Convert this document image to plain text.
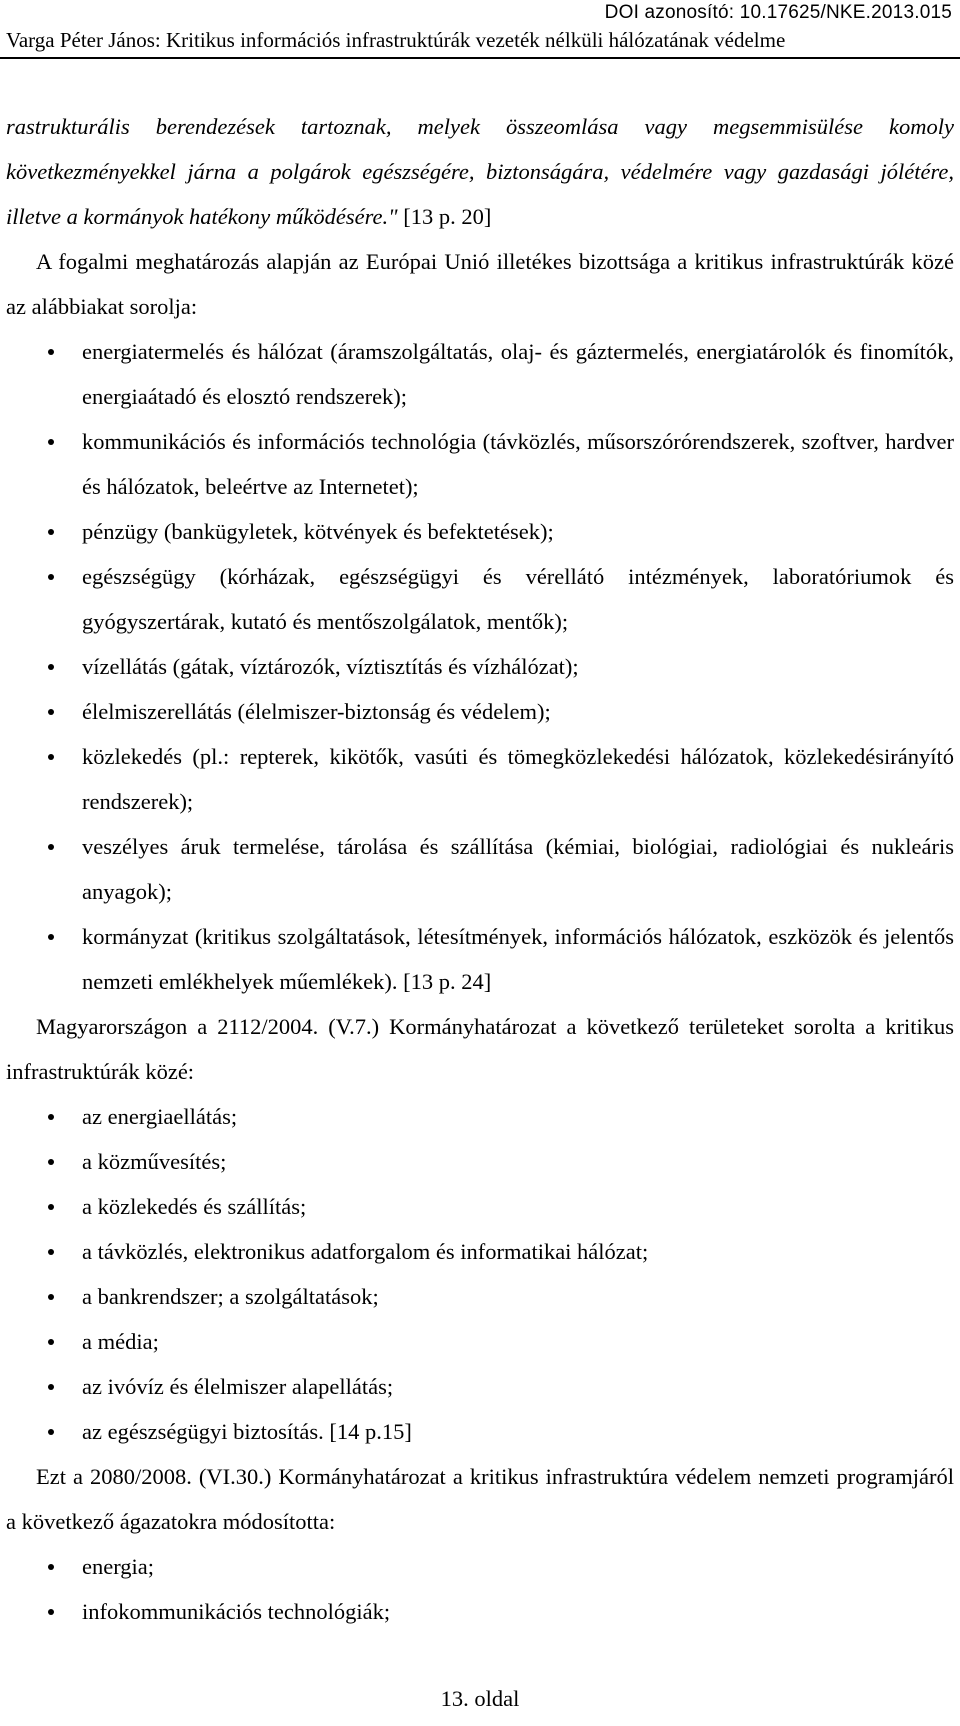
DOI azonosító: 10.17625/NKE.2013.015
Varga Péter János: Kritikus információs infrastruktúrák vezeték nélküli hálózatának védelme

rastrukturális berendezések tartoznak, melyek összeomlása vagy megsemmisülése komoly következményekkel járna a polgárok egészségére, biztonságára, védelmére vagy gazdasági jólétére, illetve a kormányok hatékony működésére." [13 p. 20]

A fogalmi meghatározás alapján az Európai Unió illetékes bizottsága a kritikus infrastruktúrák közé az alábbiakat sorolja:

energiatermelés és hálózat (áramszolgáltatás, olaj- és gáztermelés, energiatárolók és finomítók, energiaátadó és elosztó rendszerek);
kommunikációs és információs technológia (távközlés, műsorszórórendszerek, szoftver, hardver és hálózatok, beleértve az Internetet);
pénzügy (bankügyletek, kötvények és befektetések);
egészségügy (kórházak, egészségügyi és vérellátó intézmények, laboratóriumok és gyógyszertárak, kutató és mentőszolgálatok, mentők);
vízellátás (gátak, víztározók, víztisztítás és vízhálózat);
élelmiszerellátás (élelmiszer-biztonság és védelem);
közlekedés (pl.: repterek, kikötők, vasúti és tömegközlekedési hálózatok, közlekedésirányító rendszerek);
veszélyes áruk termelése, tárolása és szállítása (kémiai, biológiai, radiológiai és nukleáris anyagok);
kormányzat (kritikus szolgáltatások, létesítmények, információs hálózatok, eszközök és jelentős nemzeti emlékhelyek műemlékek). [13 p. 24]

Magyarországon a 2112/2004. (V.7.) Kormányhatározat a következő területeket sorolta a kritikus infrastruktúrák közé:

az energiaellátás;
a közművesítés;
a közlekedés és szállítás;
a távközlés, elektronikus adatforgalom és informatikai hálózat;
a bankrendszer; a szolgáltatások;
a média;
az ivóvíz és élelmiszer alapellátás;
az egészségügyi biztosítás. [14 p.15]

Ezt a 2080/2008. (VI.30.) Kormányhatározat a kritikus infrastruktúra védelem nemzeti programjáról a következő ágazatokra módosította:

energia;
infokommunikációs technológiák;
13. oldal
